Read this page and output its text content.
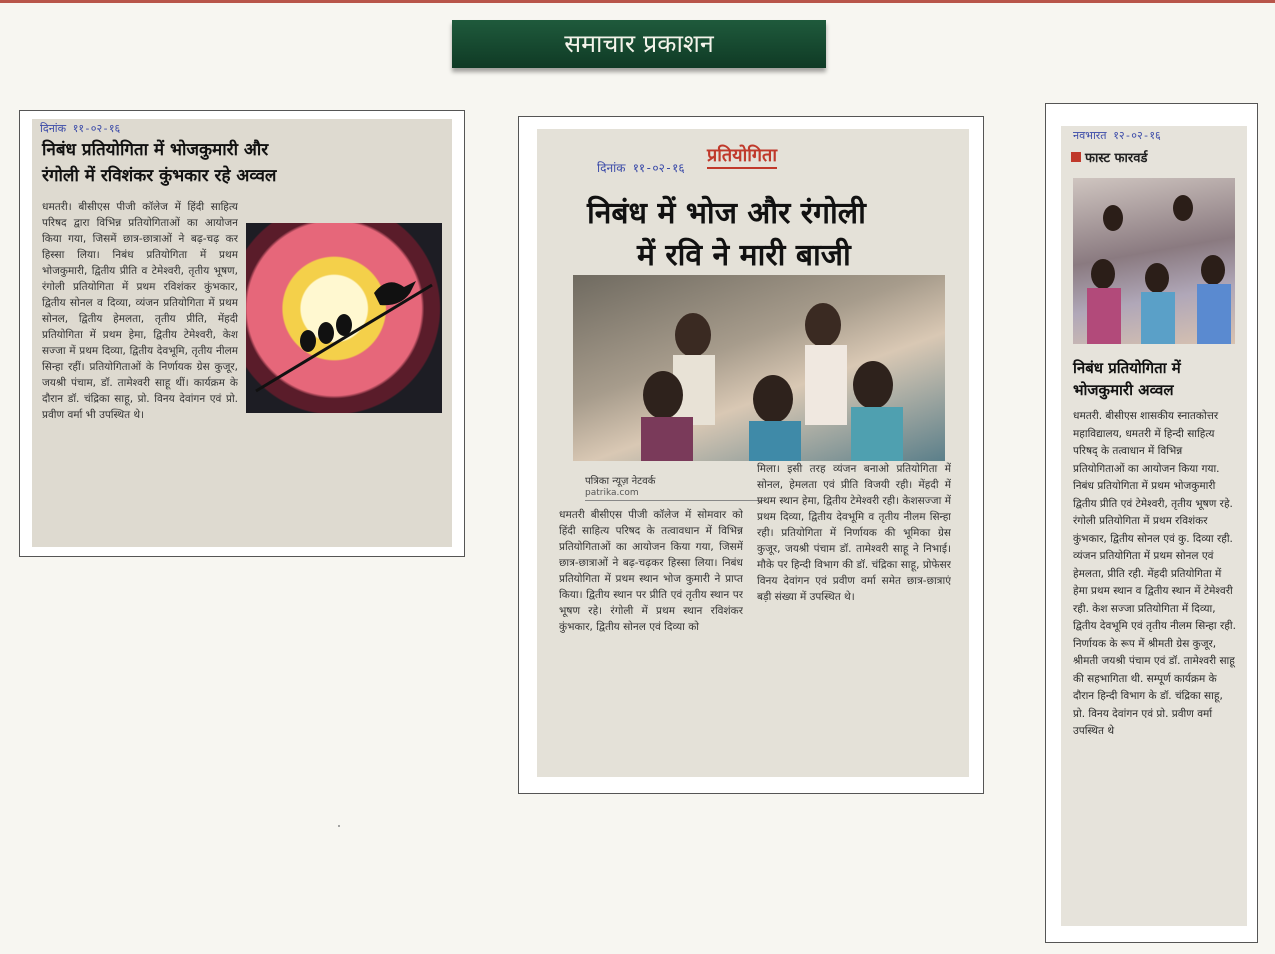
समाचार प्रकाशन
दिनांक ११-०२-१६
निबंध प्रतियोगिता में भोजकुमारी और
रंगोली में रविशंकर कुंभकार रहे अव्वल
धमतरी। बीसीएस पीजी कॉलेज में हिंदी साहित्य परिषद द्वारा विभिन्न प्रतियोगिताओं का आयोजन किया गया, जिसमें छात्र-छात्राओं ने बढ़-चढ़ कर हिस्सा लिया। निबंध प्रतियोगिता में प्रथम भोजकुमारी, द्वितीय प्रीति व टेमेश्वरी, तृतीय भूषण, रंगोली प्रतियोगिता में प्रथम रविशंकर कुंभकार, द्वितीय सोनल व दिव्या, व्यंजन प्रतियोगिता में प्रथम सोनल, द्वितीय हेमलता, तृतीय प्रीति, मेंहदी प्रतियोगिता में प्रथम हेमा, द्वितीय टेमेश्वरी, केश सज्जा में प्रथम दिव्या, द्वितीय देवभूमि, तृतीय नीलम सिन्हा रहीं। प्रतियोगिताओं के निर्णायक ग्रेस कुजूर, जयश्री पंचाम, डॉ. तामेश्वरी साहू थीं। कार्यक्रम के दौरान डॉ. चंद्रिका साहू, प्रो. विनय देवांगन एवं प्रो. प्रवीण वर्मा भी उपस्थित थे।
दिनांक ११-०२-१६
प्रतियोगिता
निबंध में भोज और रंगोली
में रवि ने मारी बाजी
पत्रिका न्यूज़ नेटवर्क
patrika.com
धमतरी बीसीएस पीजी कॉलेज में सोमवार को हिंदी साहित्य परिषद के तत्वावधान में विभिन्न प्रतियोगिताओं का आयोजन किया गया, जिसमें छात्र-छात्राओं ने बढ़-चढ़कर हिस्सा लिया। निबंध प्रतियोगिता में प्रथम स्थान भोज कुमारी ने प्राप्त किया। द्वितीय स्थान पर प्रीति एवं तृतीय स्थान पर भूषण रहे। रंगोली में प्रथम स्थान रविशंकर कुंभकार, द्वितीय सोनल एवं दिव्या को
मिला। इसी तरह व्यंजन बनाओ प्रतियोगिता में सोनल, हेमलता एवं प्रीति विजयी रही। मेंहदी में प्रथम स्थान हेमा, द्वितीय टेमेश्वरी रही। केशसज्जा में प्रथम दिव्या, द्वितीय देवभूमि व तृतीय नीलम सिन्हा रही। प्रतियोगिता में निर्णायक की भूमिका ग्रेस कुजूर, जयश्री पंचाम डॉ. तामेश्वरी साहू ने निभाई। मौके पर हिन्दी विभाग की डॉ. चंद्रिका साहू, प्रोफेसर विनय देवांगन एवं प्रवीण वर्मा समेत छात्र-छात्राएं बड़ी संख्या में उपस्थित थे।
नवभारत १२-०२-१६
फास्ट फारवर्ड
निबंध प्रतियोगिता में
भोजकुमारी अव्वल
धमतरी. बीसीएस शासकीय स्नातकोत्तर महाविद्यालय, धमतरी में हिन्दी साहित्य परिषद् के तत्वाधान में विभिन्न प्रतियोगिताओं का आयोजन किया गया. निबंध प्रतियोगिता में प्रथम भोजकुमारी द्वितीय प्रीति एवं टेमेश्वरी, तृतीय भूषण रहे. रंगोली प्रतियोगिता में प्रथम रविशंकर कुंभकार, द्वितीय सोनल एवं कु. दिव्या रही. व्यंजन प्रतियोगिता में प्रथम सोनल एवं हेमलता, प्रीति रही. मेंहदी प्रतियोगिता में हेमा प्रथम स्थान व द्वितीय स्थान में टेमेश्वरी रही. केश सज्जा प्रतियोगिता में दिव्या, द्वितीय देवभूमि एवं तृतीय नीलम सिन्हा रही. निर्णायक के रूप में श्रीमती ग्रेस कुजूर, श्रीमती जयश्री पंचाम एवं डॉ. तामेश्वरी साहू की सहभागिता थी. सम्पूर्ण कार्यक्रम के दौरान हिन्दी विभाग के डॉ. चंद्रिका साहू, प्रो. विनय देवांगन एवं प्रो. प्रवीण वर्मा उपस्थित थे
